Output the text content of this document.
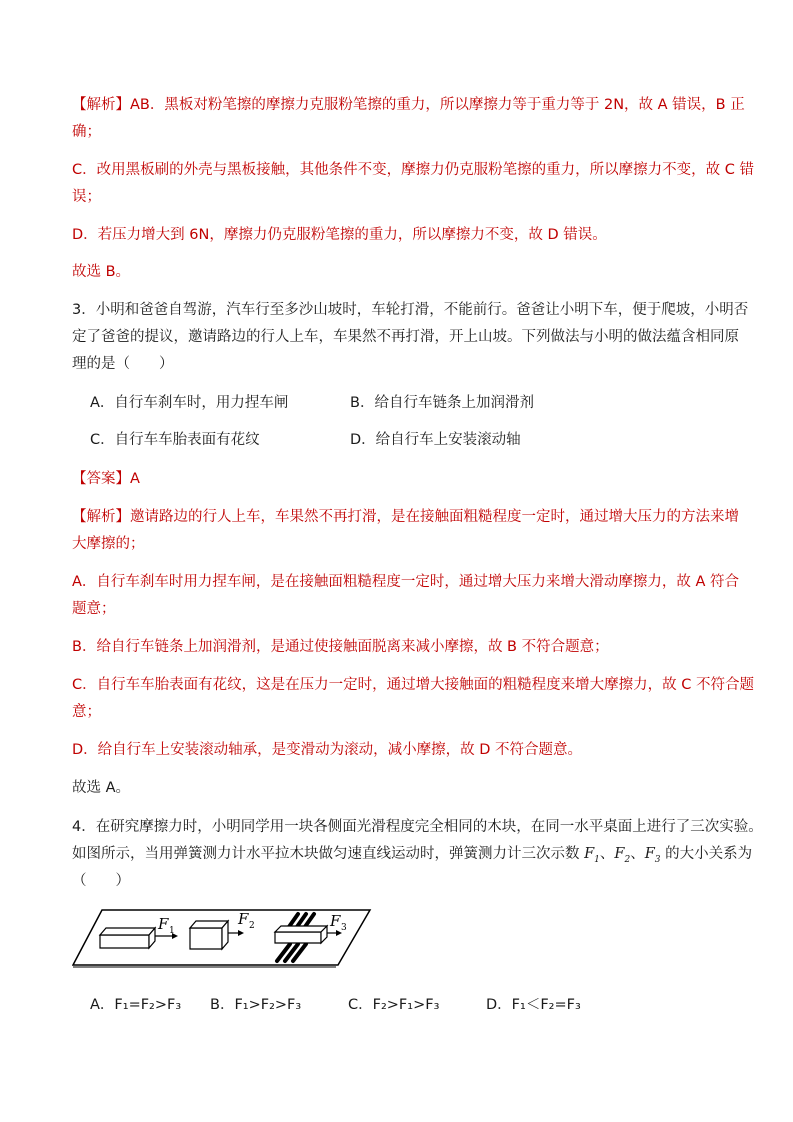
【解析】AB．黑板对粉笔擦的摩擦力克服粉笔擦的重力，所以摩擦力等于重力等于 2N，故 A 错误，B 正
确；
C．改用黑板刷的外壳与黑板接触，其他条件不变，摩擦力仍克服粉笔擦的重力，所以摩擦力不变，故 C 错
误；
D．若压力增大到 6N，摩擦力仍克服粉笔擦的重力，所以摩擦力不变，故 D 错误。
故选 B。
3．小明和爸爸自驾游，汽车行至多沙山坡时，车轮打滑，不能前行。爸爸让小明下车，便于爬坡，小明否
定了爸爸的提议，邀请路边的行人上车，车果然不再打滑，开上山坡。下列做法与小明的做法蕴含相同原
理的是（　　）
A．自行车刹车时，用力捏车闸	B．给自行车链条上加润滑剂
C．自行车车胎表面有花纹	D．给自行车上安装滚动轴
【答案】A
【解析】邀请路边的行人上车，车果然不再打滑，是在接触面粗糙程度一定时，通过增大压力的方法来增
大摩擦的；
A．自行车刹车时用力捏车闸，是在接触面粗糙程度一定时，通过增大压力来增大滑动摩擦力，故 A 符合
题意；
B．给自行车链条上加润滑剂，是通过使接触面脱离来减小摩擦，故 B 不符合题意；
C．自行车车胎表面有花纹，这是在压力一定时，通过增大接触面的粗糙程度来增大摩擦力，故 C 不符合题
意；
D．给自行车上安装滚动轴承，是变滑动为滚动，减小摩擦，故 D 不符合题意。
故选 A。
4．在研究摩擦力时，小明同学用一块各侧面光滑程度完全相同的木块，在同一水平桌面上进行了三次实验。
如图所示，当用弹簧测力计水平拉木块做匀速直线运动时，弹簧测力计三次示数 $F_1$、$F_2$、$F_3$ 的大小关系为
（　　）
F 1
F 2	F 3
A．F₁=F₂>F₃ B．F₁>F₂>F₃	C．F₂>F₁>F₃	D．F₁＜F₂=F₃
